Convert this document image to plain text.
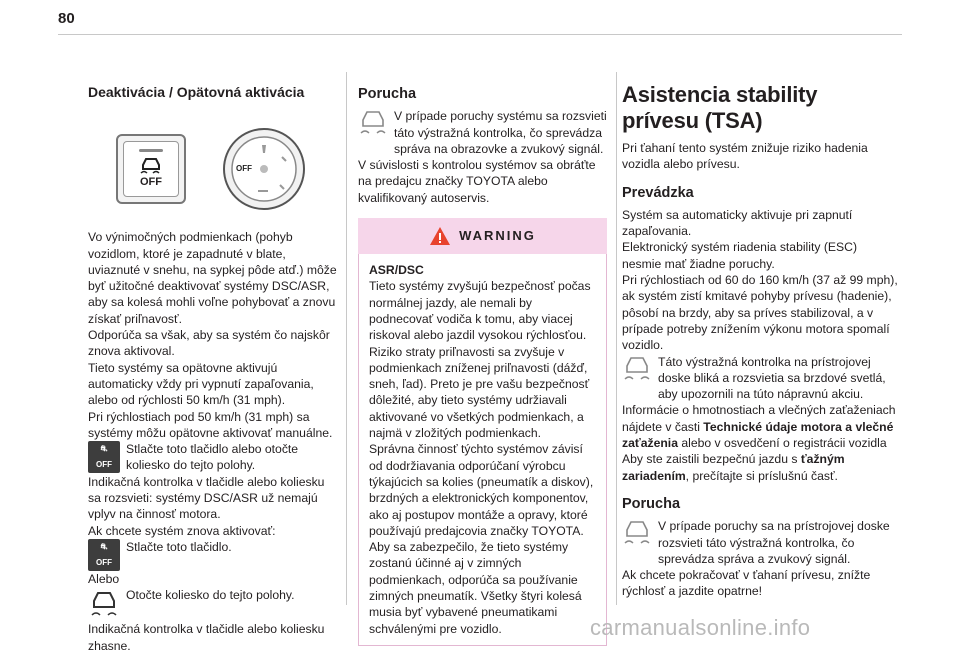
80
Deaktivácia / Opätovná aktivácia
OFF
OFF

Vo výnimočných podmienkach (pohyb vozidlom, ktoré je zapadnuté v blate, uviaznuté v snehu, na sypkej pôde atď.) môže byť užitočné deaktivovať systémy DSC/ASR, aby sa kolesá mohli voľne pohybovať a znovu získať priľnavosť.

Odporúča sa však, aby sa systém čo najskôr znova aktivoval.

Tieto systémy sa opätovne aktivujú automaticky vždy pri vypnutí zapaľovania, alebo od rýchlosti 50 km/h (31 mph).

Pri rýchlostiach pod 50 km/h (31 mph) sa systémy môžu opätovne aktivovať manuálne.

⛐
OFF

Stlačte toto tlačidlo alebo otočte koliesko do tejto polohy.

Indikačná kontrolka v tlačidle alebo koliesku sa rozsvieti: systémy DSC/ASR už nemajú vplyv na činnosť motora.

Ak chcete systém znova aktivovať:

⛐
OFF

Stlačte toto tlačidlo.

Alebo

Otočte koliesko do tejto polohy.

Indikačná kontrolka v tlačidle alebo koliesku zhasne.

Porucha

V prípade poruchy systému sa rozsvieti táto výstražná kontrolka, čo sprevádza správa na obrazovke a zvukový signál.

V súvislosti s kontrolou systémov sa obráťte na predajcu značky TOYOTA alebo kvalifikovaný autoservis.

WARNING

ASR/DSC

Tieto systémy zvyšujú bezpečnosť počas normálnej jazdy, ale nemali by podnecovať vodiča k tomu, aby viacej riskoval alebo jazdil vysokou rýchlosťou.

Riziko straty priľnavosti sa zvyšuje v podmienkach zníženej priľnavosti (dážď, sneh, ľad). Preto je pre vašu bezpečnosť dôležité, aby tieto systémy udržiavali aktivované vo všetkých podmienkach, a najmä v zložitých podmienkach.

Správna činnosť týchto systémov závisí od dodržiavania odporúčaní výrobcu týkajúcich sa kolies (pneumatík a diskov), brzdných a elektronických komponentov, ako aj postupov montáže a opravy, ktoré používajú predajcovia značky TOYOTA.

Aby sa zabezpečilo, že tieto systémy zostanú účinné aj v zimných podmienkach, odporúča sa používanie zimných pneumatík. Všetky štyri kolesá musia byť vybavené pneumatikami schválenými pre vozidlo.

Asistencia stability prívesu (TSA)

Pri ťahaní tento systém znižuje riziko hadenia vozidla alebo prívesu.

Prevádzka

Systém sa automaticky aktivuje pri zapnutí zapaľovania.

Elektronický systém riadenia stability (ESC) nesmie mať žiadne poruchy.

Pri rýchlostiach od 60 do 160 km/h (37 až 99 mph), ak systém zistí kmitavé pohyby prívesu (hadenie), pôsobí na brzdy, aby sa príves stabilizoval, a v prípade potreby znížením výkonu motora spomalí vozidlo.

Táto výstražná kontrolka na prístrojovej doske bliká a rozsvietia sa brzdové svetlá, aby upozornili na túto nápravnú akciu.

Informácie o hmotnostiach a vlečných zaťaženiach nájdete v časti Technické údaje motora a vlečné zaťaženia alebo v osvedčení o registrácii vozidla

Aby ste zaistili bezpečnú jazdu s ťažným zariadením, prečítajte si príslušnú časť.

Porucha

V prípade poruchy sa na prístrojovej doske rozsvieti táto výstražná kontrolka, čo sprevádza správa a zvukový signál.

Ak chcete pokračovať v ťahaní prívesu, znížte rýchlosť a jazdite opatrne!

carmanualsonline.info
